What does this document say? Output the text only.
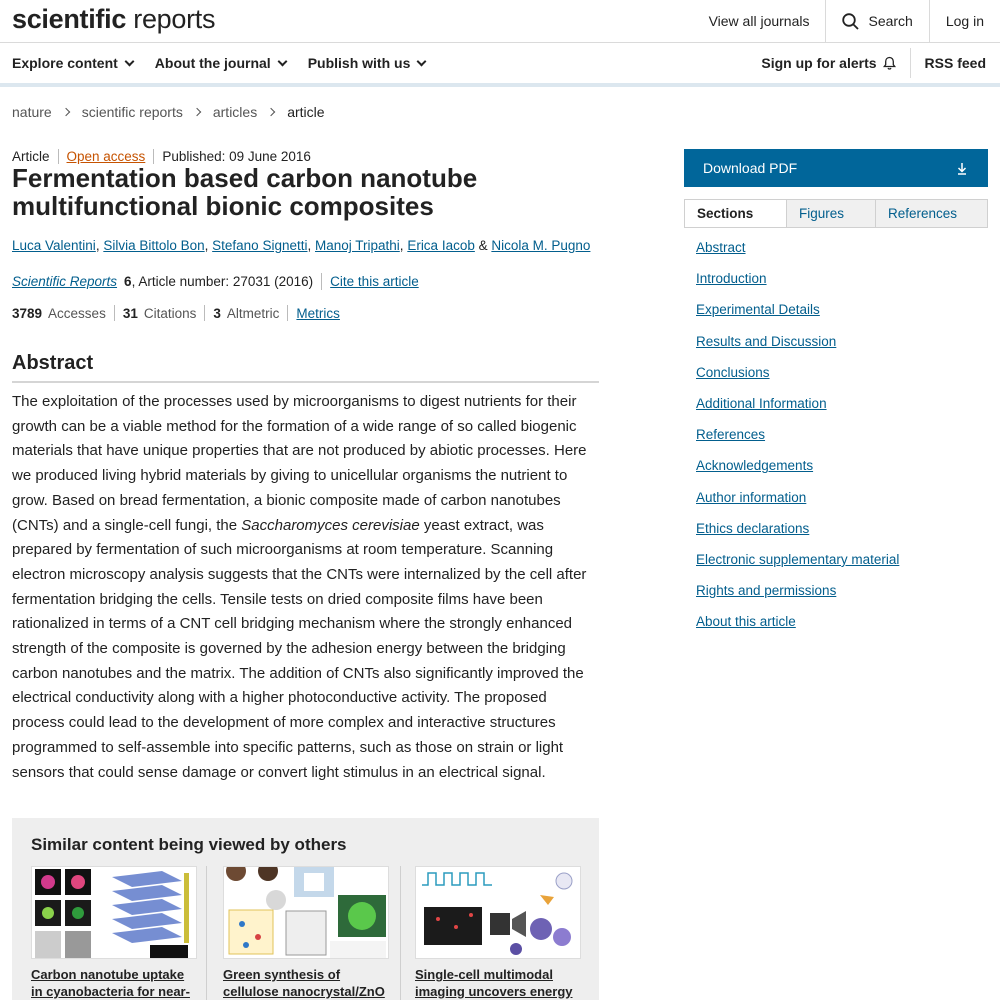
scientific reports	View all journals	Search	Log in
Explore content	About the journal	Publish with us	Sign up for alerts	RSS feed
nature scientific reports articles article
Article Open access Published: 09 June 2016
Fermentation based carbon nanotube multifunctional bionic composites
Luca Valentini, Silvia Bittolo Bon, Stefano Signetti, Manoj Tripathi, Erica Iacob & Nicola M. Pugno
Scientific Reports 6 , Article number: 27031 (2016) Cite this article
3789 Accesses 31 Citations 3 Altmetric Metrics
Abstract

The exploitation of the processes used by microorganisms to digest nutrients for their growth can be a viable method for the formation of a wide range of so called biogenic materials that have unique properties that are not produced by abiotic processes. Here we produced living hybrid materials by giving to unicellular organisms the nutrient to grow. Based on bread fermentation, a bionic composite made of carbon nanotubes (CNTs) and a single-cell fungi, the Saccharomyces cerevisiae yeast extract, was prepared by fermentation of such microorganisms at room temperature. Scanning electron microscopy analysis suggests that the CNTs were internalized by the cell after fermentation bridging the cells. Tensile tests on dried composite films have been rationalized in terms of a CNT cell bridging mechanism where the strongly enhanced strength of the composite is governed by the adhesion energy between the bridging carbon nanotubes and the matrix. The addition of CNTs also significantly improved the electrical conductivity along with a higher photoconductive activity. The proposed process could lead to the development of more complex and interactive structures programmed to self-assemble into specific patterns, such as those on strain or light sensors that could sense damage or convert light stimulus in an electrical signal.

Similar content being viewed by others
Carbon nanotube uptake in cyanobacteria for near-
Green synthesis of cellulose nanocrystal/ZnO
Single-cell multimodal imaging uncovers energy
Download PDF
Sections	Figures	References
Abstract
Introduction
Experimental Details
Results and Discussion
Conclusions
Additional Information
References
Acknowledgements
Author information
Ethics declarations
Electronic supplementary material
Rights and permissions
About this article
